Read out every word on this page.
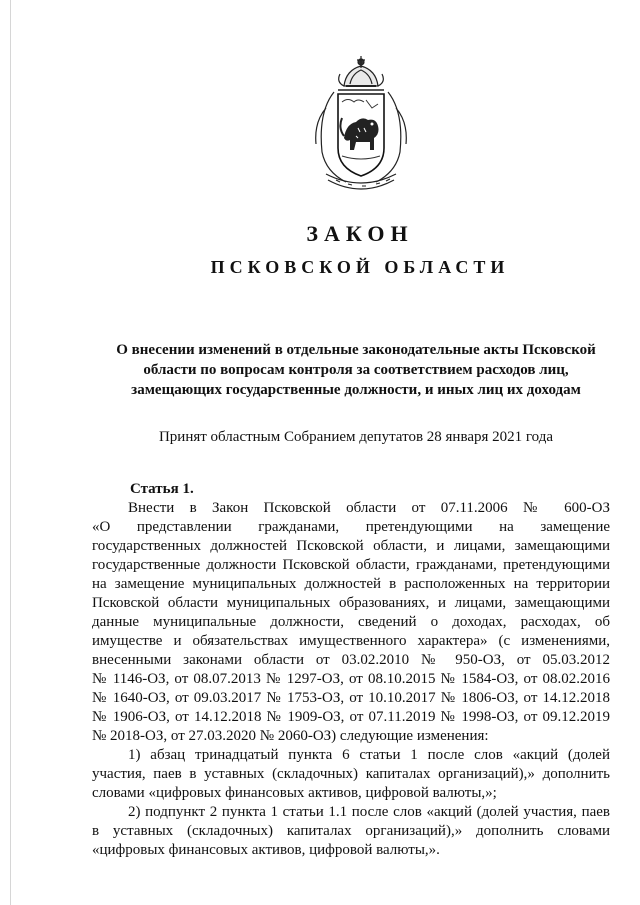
ЗАКОН
ПСКОВСКОЙ ОБЛАСТИ
О внесении изменений в отдельные законодательные акты Псковской
области по вопросам контроля за соответствием расходов лиц,
замещающих государственные должности, и иных лиц их доходам
Принят областным Собранием депутатов 28 января 2021 года
Статья 1.
Внести в Закон Псковской области от 07.11.2006 № 600-ОЗ
«О представлении гражданами, претендующими на замещение
государственных должностей Псковской области, и лицами, замещающими
государственные должности Псковской области, гражданами, претендующими
на замещение муниципальных должностей в расположенных на территории
Псковской области муниципальных образованиях, и лицами, замещающими
данные муниципальные должности, сведений о доходах, расходах, об
имуществе и обязательствах имущественного характера» (с изменениями,
внесенными законами области от 03.02.2010 № 950-ОЗ, от 05.03.2012
№ 1146-ОЗ, от 08.07.2013 № 1297-ОЗ, от 08.10.2015 № 1584-ОЗ, от 08.02.2016
№ 1640-ОЗ, от 09.03.2017 № 1753-ОЗ, от 10.10.2017 № 1806-ОЗ, от 14.12.2018
№ 1906-ОЗ, от 14.12.2018 № 1909-ОЗ, от 07.11.2019 № 1998-ОЗ, от 09.12.2019
№ 2018-ОЗ, от 27.03.2020 № 2060-ОЗ) следующие изменения:
1) абзац тринадцатый пункта 6 статьи 1 после слов «акций (долей
участия, паев в уставных (складочных) капиталах организаций),» дополнить
словами «цифровых финансовых активов, цифровой валюты,»;
2) подпункт 2 пункта 1 статьи 1.1 после слов «акций (долей участия, паев
в уставных (складочных) капиталах организаций),» дополнить словами
«цифровых финансовых активов, цифровой валюты,».
